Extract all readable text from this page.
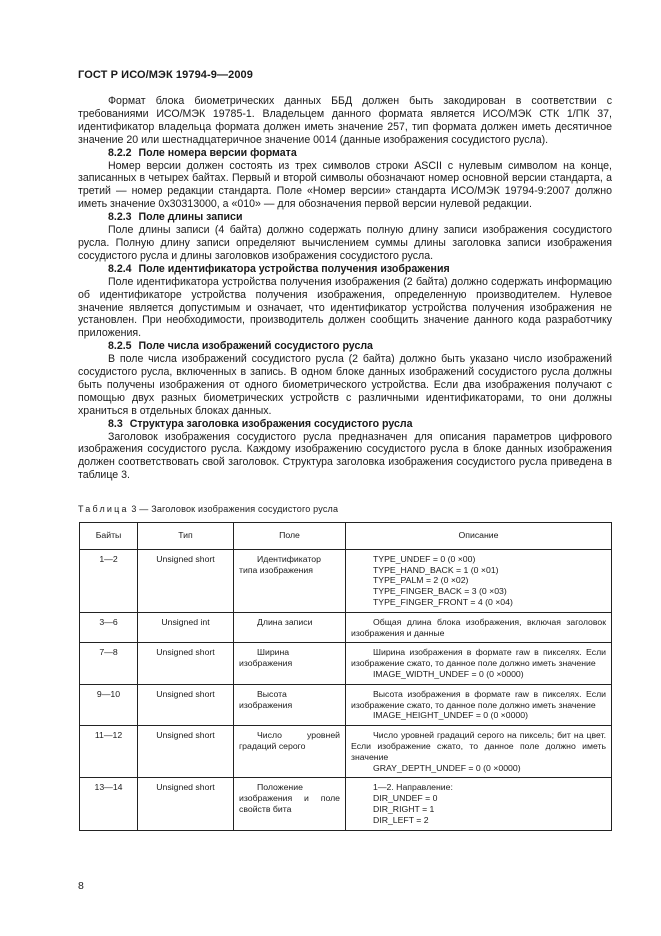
ГОСТ Р ИСО/МЭК 19794-9—2009

Формат блока биометрических данных ББД должен быть закодирован в соответствии с требованиями ИСО/МЭК 19785-1. Владельцем данного формата является ИСО/МЭК СТК 1/ПК 37, идентификатор владельца формата должен иметь значение 257, тип формата должен иметь десятичное значение 20 или шестнадцатеричное значение 0014 (данные изображения сосудистого русла).

8.2.2 Поле номера версии формата

Номер версии должен состоять из трех символов строки ASCII с нулевым символом на конце, записанных в четырех байтах. Первый и второй символы обозначают номер основной версии стандарта, а третий — номер редакции стандарта. Поле «Номер версии» стандарта ИСО/МЭК 19794-9:2007 должно иметь значение 0x30313000, а «010» — для обозначения первой версии нулевой редакции.

8.2.3 Поле длины записи

Поле длины записи (4 байта) должно содержать полную длину записи изображения сосудистого русла. Полную длину записи определяют вычислением суммы длины заголовка записи изображения сосудистого русла и длины заголовков изображения сосудистого русла.

8.2.4 Поле идентификатора устройства получения изображения

Поле идентификатора устройства получения изображения (2 байта) должно содержать информацию об идентификаторе устройства получения изображения, определенную производителем. Нулевое значение является допустимым и означает, что идентификатор устройства получения изображения не установлен. При необходимости, производитель должен сообщить значение данного кода разработчику приложения.

8.2.5 Поле числа изображений сосудистого русла

В поле числа изображений сосудистого русла (2 байта) должно быть указано число изображений сосудистого русла, включенных в запись. В одном блоке данных изображений сосудистого русла должны быть получены изображения от одного биометрического устройства. Если два изображения получают с помощью двух разных биометрических устройств с различными идентификаторами, то они должны храниться в отдельных блоках данных.

8.3 Структура заголовка изображения сосудистого русла

Заголовок изображения сосудистого русла предназначен для описания параметров цифрового изображения сосудистого русла. Каждому изображению сосудистого русла в блоке данных изображения должен соответствовать свой заголовок. Структура заголовка изображения сосудистого русла приведена в таблице 3.

Таблица 3 — Заголовок изображения сосудистого русла
Байты	Тип	Поле	Описание
1—2	Unsigned short	Идентификатор типа изображения	TYPE_UNDEF = 0 (0 ×00)
TYPE_HAND_BACK = 1 (0 ×01)
TYPE_PALM = 2 (0 ×02)
TYPE_FINGER_BACK = 3 (0 ×03)
TYPE_FINGER_FRONT = 4 (0 ×04)

3—6	Unsigned int	Длина записи	Общая длина блока изображения, включая заголовок изображения и данные

7—8	Unsigned short	Ширина изображения	Ширина изображения в формате raw в пикселях. Если изображение сжато, то данное поле должно иметь значение
IMAGE_WIDTH_UNDEF = 0 (0 ×0000)

9—10	Unsigned short	Высота изображения	Высота изображения в формате raw в пикселях. Если изображение сжато, то данное поле должно иметь значение
IMAGE_HEIGHT_UNDEF = 0 (0 ×0000)

11—12	Unsigned short	Число уровней градаций серого	Число уровней градаций серого на пиксель; бит на цвет. Если изображение сжато, то данное поле должно иметь значение
GRAY_DEPTH_UNDEF = 0 (0 ×0000)

13—14	Unsigned short	Положение изображения и поле свойств бита	1—2. Направление:
DIR_UNDEF = 0
DIR_RIGHT = 1
DIR_LEFT = 2
8
